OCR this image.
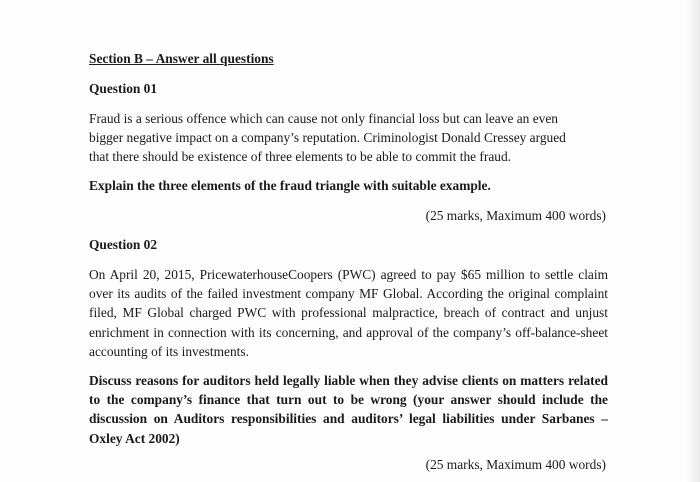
Section B – Answer all questions
Question 01
Fraud is a serious offence which can cause not only financial loss but can leave an even
bigger negative impact on a company’s reputation. Criminologist Donald Cressey argued
that there should be existence of three elements to be able to commit the fraud.
Explain the three elements of the fraud triangle with suitable example.
(25 marks, Maximum 400 words)
Question 02
On April 20, 2015, PricewaterhouseCoopers (PWC) agreed to pay $65 million to settle claim over its audits of the failed investment company MF Global. According the original complaint filed, MF Global charged PWC with professional malpractice, breach of contract and unjust enrichment in connection with its concerning, and approval of the company’s off-balance-sheet accounting of its investments.
Discuss reasons for auditors held legally liable when they advise clients on matters related to the company’s finance that turn out to be wrong (your answer should include the discussion on Auditors responsibilities and auditors’ legal liabilities under Sarbanes – Oxley Act 2002)
(25 marks, Maximum 400 words)
